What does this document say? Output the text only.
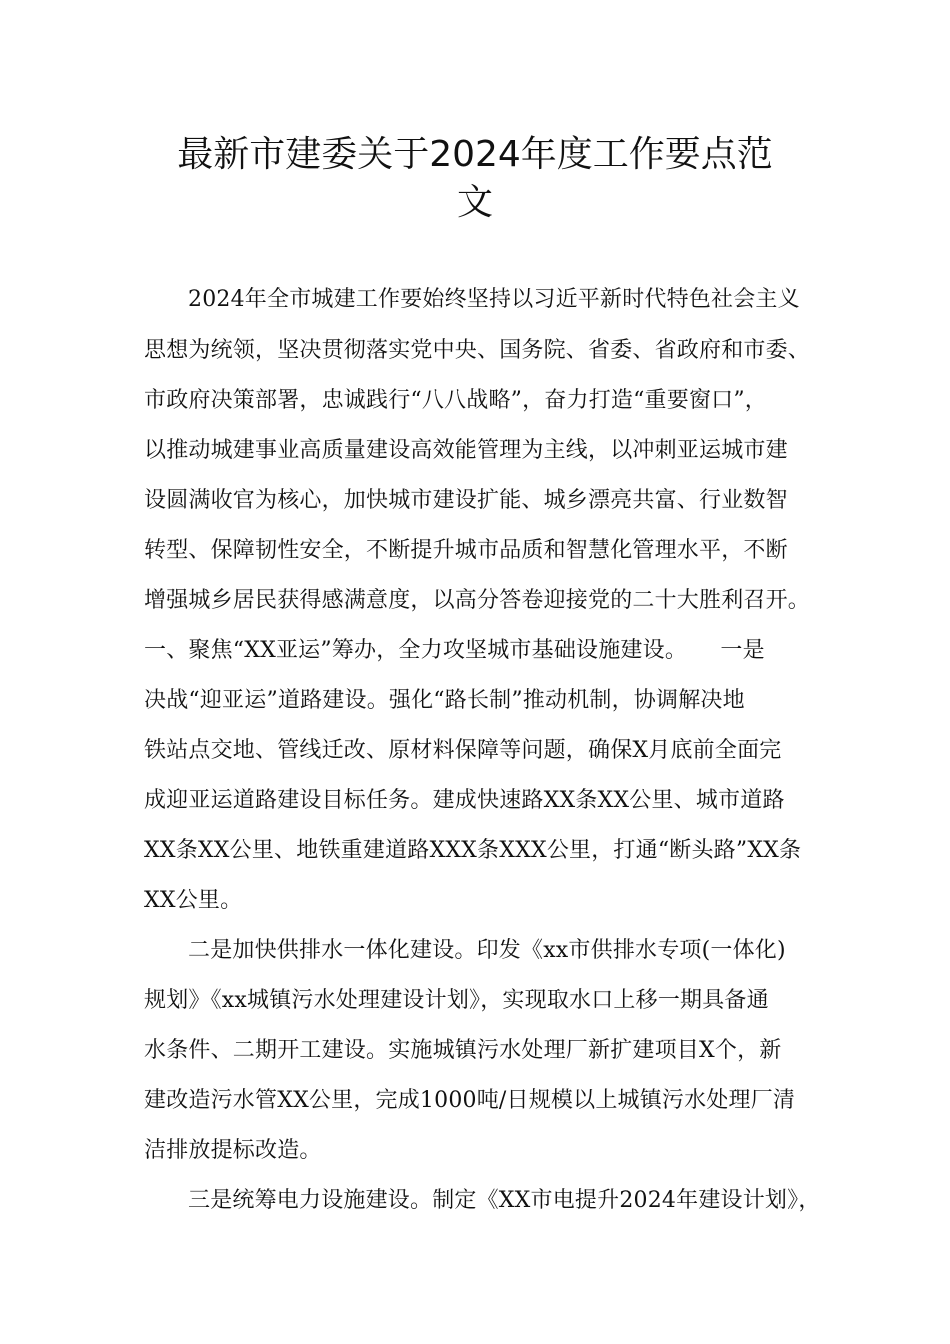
最新市建委关于2024年度工作要点范
文
2024年全市城建工作要始终坚持以习近平新时代特色社会主义
思想为统领，坚决贯彻落实党中央、国务院、省委、省政府和市委、
市政府决策部署，忠诚践行“八八战略”，奋力打造“重要窗口”，
以推动城建事业高质量建设高效能管理为主线，以冲刺亚运城市建
设圆满收官为核心，加快城市建设扩能、城乡漂亮共富、行业数智
转型、保障韧性安全，不断提升城市品质和智慧化管理水平，不断
增强城乡居民获得感满意度，以高分答卷迎接党的二十大胜利召开。
一、聚焦“XX亚运”筹办，全力攻坚城市基础设施建设。　　一是
决战“迎亚运”道路建设。强化“路长制”推动机制，协调解决地
铁站点交地、管线迁改、原材料保障等问题，确保X月底前全面完
成迎亚运道路建设目标任务。建成快速路XX条XX公里、城市道路
XX条XX公里、地铁重建道路XXX条XXX公里，打通“断头路”XX条
XX公里。
二是加快供排水一体化建设。印发《xx市供排水专项(一体化)
规划》《xx城镇污水处理建设计划》，实现取水口上移一期具备通
水条件、二期开工建设。实施城镇污水处理厂新扩建项目X个，新
建改造污水管XX公里，完成1000吨/日规模以上城镇污水处理厂清
洁排放提标改造。
三是统筹电力设施建设。制定《XX市电提升2024年建设计划》，
